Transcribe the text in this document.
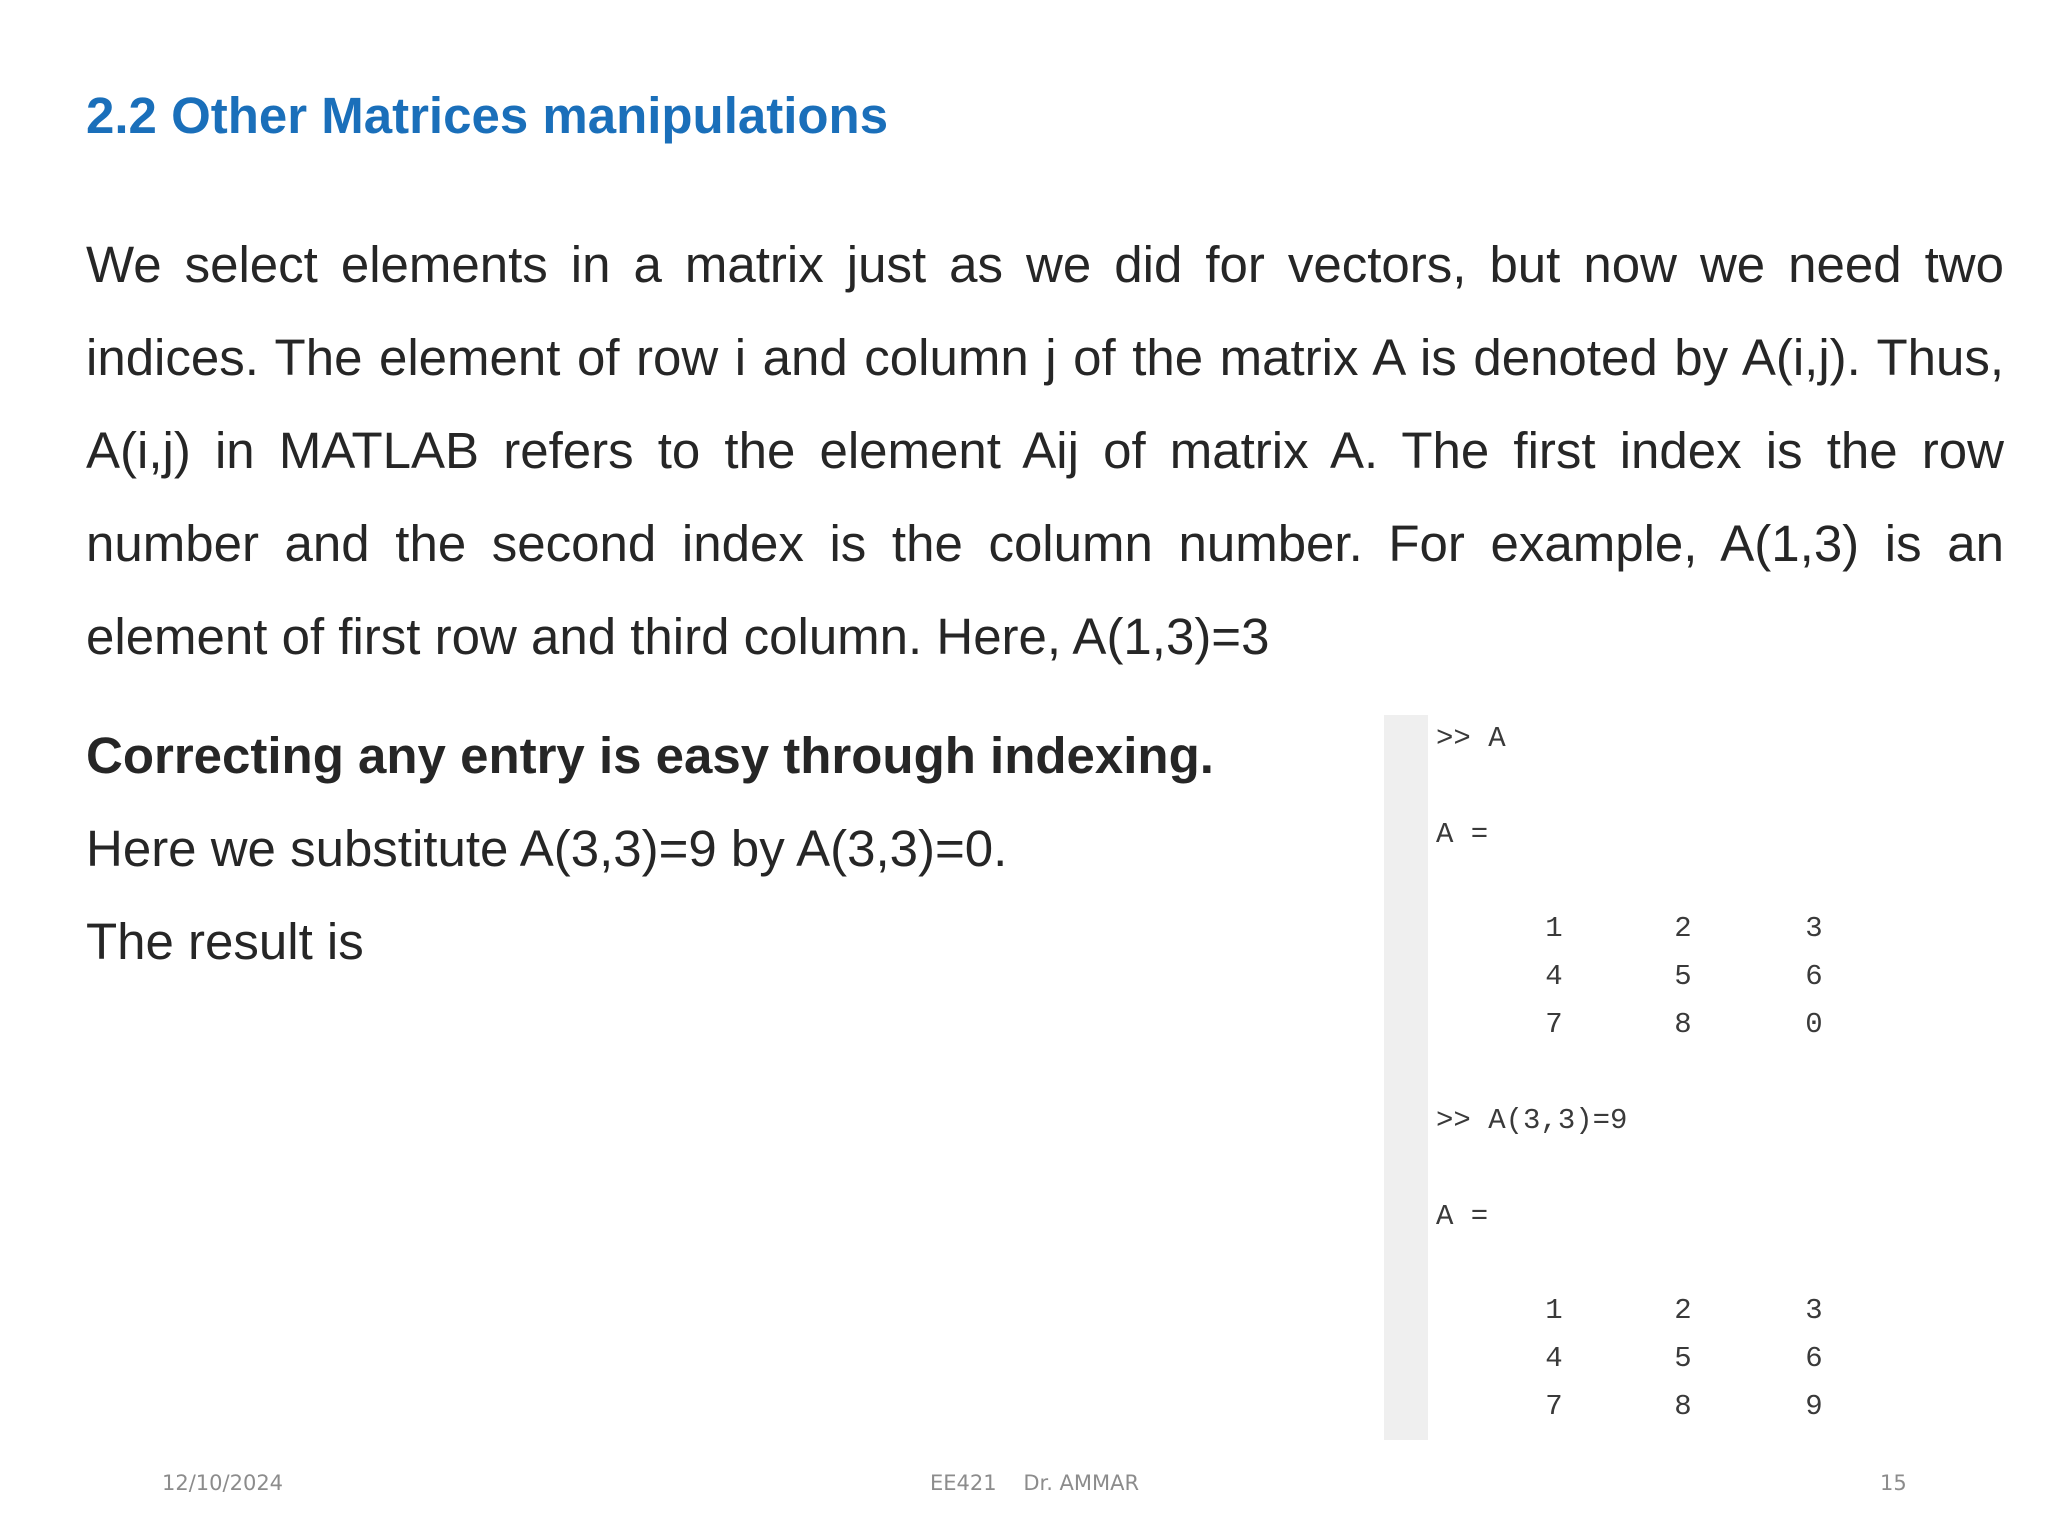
2.2 Other Matrices manipulations

We select elements in a matrix just as we did for vectors, but now we need two indices. The element of row i and column j of the matrix A is denoted by A(i,j). Thus, A(i,j) in MATLAB refers to the element Aij of matrix A. The first index is the row number and the second index is the column number. For example, A(1,3) is an element of first row and third column. Here, A(1,3)=3

Correcting any entry is easy through indexing.

Here we substitute A(3,3)=9 by A(3,3)=0.

The result is

>> A
A =
1	2	3
4	5	6
7	8	0
>> A(3,3)=9
A =
1	2	3
4	5	6
7	8	9
12/10/2024	EE421    Dr. AMMAR	15
